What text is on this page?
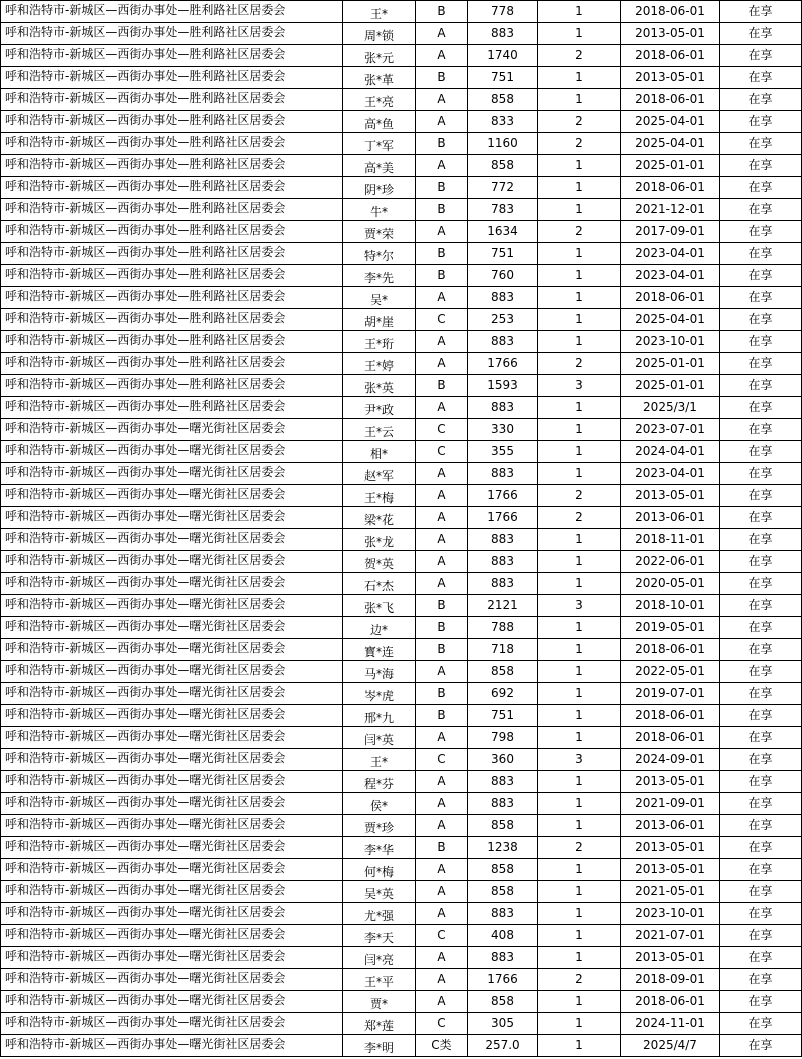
呼和浩特市-新城区—西街办事处—胜利路社区居委会	王*	B	778	1	2018-06-01	在享
呼和浩特市-新城区—西街办事处—胜利路社区居委会	周*锁	A	883	1	2013-05-01	在享
呼和浩特市-新城区—西街办事处—胜利路社区居委会	张*元	A	1740	2	2018-06-01	在享
呼和浩特市-新城区—西街办事处—胜利路社区居委会	张*革	B	751	1	2013-05-01	在享
呼和浩特市-新城区—西街办事处—胜利路社区居委会	王*亮	A	858	1	2018-06-01	在享
呼和浩特市-新城区—西街办事处—胜利路社区居委会	高*鱼	A	833	2	2025-04-01	在享
呼和浩特市-新城区—西街办事处—胜利路社区居委会	丁*军	B	1160	2	2025-04-01	在享
呼和浩特市-新城区—西街办事处—胜利路社区居委会	高*美	A	858	1	2025-01-01	在享
呼和浩特市-新城区—西街办事处—胜利路社区居委会	阴*珍	B	772	1	2018-06-01	在享
呼和浩特市-新城区—西街办事处—胜利路社区居委会	牛*	B	783	1	2021-12-01	在享
呼和浩特市-新城区—西街办事处—胜利路社区居委会	贾*荣	A	1634	2	2017-09-01	在享
呼和浩特市-新城区—西街办事处—胜利路社区居委会	特*尔	B	751	1	2023-04-01	在享
呼和浩特市-新城区—西街办事处—胜利路社区居委会	李*先	B	760	1	2023-04-01	在享
呼和浩特市-新城区—西街办事处—胜利路社区居委会	吴*	A	883	1	2018-06-01	在享
呼和浩特市-新城区—西街办事处—胜利路社区居委会	胡*崖	C	253	1	2025-04-01	在享
呼和浩特市-新城区—西街办事处—胜利路社区居委会	王*珩	A	883	1	2023-10-01	在享
呼和浩特市-新城区—西街办事处—胜利路社区居委会	王*婷	A	1766	2	2025-01-01	在享
呼和浩特市-新城区—西街办事处—胜利路社区居委会	张*英	B	1593	3	2025-01-01	在享
呼和浩特市-新城区—西街办事处—胜利路社区居委会	尹*政	A	883	1	2025/3/1	在享
呼和浩特市-新城区—西街办事处—曙光街社区居委会	王*云	C	330	1	2023-07-01	在享
呼和浩特市-新城区—西街办事处—曙光街社区居委会	相*	C	355	1	2024-04-01	在享
呼和浩特市-新城区—西街办事处—曙光街社区居委会	赵*军	A	883	1	2023-04-01	在享
呼和浩特市-新城区—西街办事处—曙光街社区居委会	王*梅	A	1766	2	2013-05-01	在享
呼和浩特市-新城区—西街办事处—曙光街社区居委会	梁*花	A	1766	2	2013-06-01	在享
呼和浩特市-新城区—西街办事处—曙光街社区居委会	张*龙	A	883	1	2018-11-01	在享
呼和浩特市-新城区—西街办事处—曙光街社区居委会	贺*英	A	883	1	2022-06-01	在享
呼和浩特市-新城区—西街办事处—曙光街社区居委会	石*杰	A	883	1	2020-05-01	在享
呼和浩特市-新城区—西街办事处—曙光街社区居委会	张*飞	B	2121	3	2018-10-01	在享
呼和浩特市-新城区—西街办事处—曙光街社区居委会	边*	B	788	1	2019-05-01	在享
呼和浩特市-新城区—西街办事处—曙光街社区居委会	寳*连	B	718	1	2018-06-01	在享
呼和浩特市-新城区—西街办事处—曙光街社区居委会	马*海	A	858	1	2022-05-01	在享
呼和浩特市-新城区—西街办事处—曙光街社区居委会	岑*虎	B	692	1	2019-07-01	在享
呼和浩特市-新城区—西街办事处—曙光街社区居委会	邢*九	B	751	1	2018-06-01	在享
呼和浩特市-新城区—西街办事处—曙光街社区居委会	闫*英	A	798	1	2018-06-01	在享
呼和浩特市-新城区—西街办事处—曙光街社区居委会	王*	C	360	3	2024-09-01	在享
呼和浩特市-新城区—西街办事处—曙光街社区居委会	程*芬	A	883	1	2013-05-01	在享
呼和浩特市-新城区—西街办事处—曙光街社区居委会	侯*	A	883	1	2021-09-01	在享
呼和浩特市-新城区—西街办事处—曙光街社区居委会	贾*珍	A	858	1	2013-06-01	在享
呼和浩特市-新城区—西街办事处—曙光街社区居委会	李*华	B	1238	2	2013-05-01	在享
呼和浩特市-新城区—西街办事处—曙光街社区居委会	何*梅	A	858	1	2013-05-01	在享
呼和浩特市-新城区—西街办事处—曙光街社区居委会	吴*英	A	858	1	2021-05-01	在享
呼和浩特市-新城区—西街办事处—曙光街社区居委会	尤*强	A	883	1	2023-10-01	在享
呼和浩特市-新城区—西街办事处—曙光街社区居委会	李*天	C	408	1	2021-07-01	在享
呼和浩特市-新城区—西街办事处—曙光街社区居委会	闫*亮	A	883	1	2013-05-01	在享
呼和浩特市-新城区—西街办事处—曙光街社区居委会	王*平	A	1766	2	2018-09-01	在享
呼和浩特市-新城区—西街办事处—曙光街社区居委会	贾*	A	858	1	2018-06-01	在享
呼和浩特市-新城区—西街办事处—曙光街社区居委会	郑*莲	C	305	1	2024-11-01	在享
呼和浩特市-新城区—西街办事处—曙光街社区居委会	李*明	C类	257.0	1	2025/4/7	在享
